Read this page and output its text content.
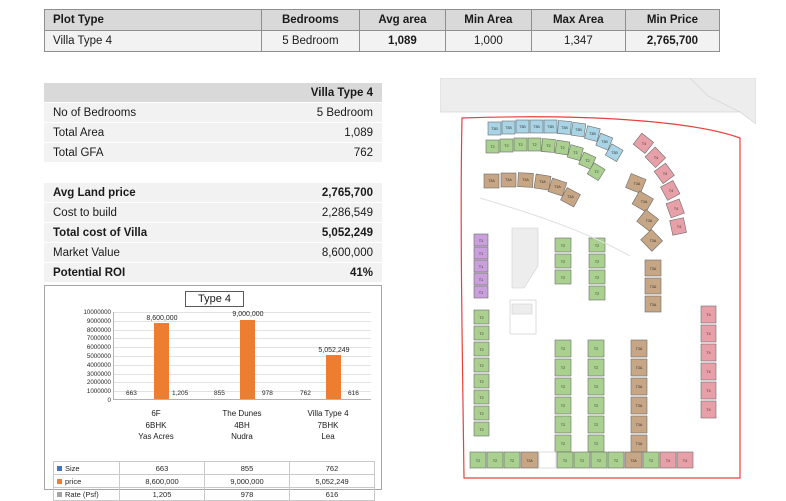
Plot Type	Bedrooms	Avg area	Min Area	Max Area	Min Price
Villa Type 4	5 Bedroom	1,089	1,000	1,347	2,765,700
	Villa Type 4
No of Bedrooms	5 Bedroom
Total Area	1,089
Total GFA	762

Avg Land price	2,765,700
Cost to build	2,286,549
Total cost of Villa	5,052,249
Market Value	8,600,000
Potential ROI	41%
Type 4
10000000
9000000
8000000
7000000
6000000
5000000
4000000
3000000
2000000
1000000
0
8,600,000
9,000,000
5,052,249
663	1,205	855	978	762	616
6F
6BHK
Yas Acres
The Dunes
4BH
Nudra
Villa Type 4
7BHK
Lea
Size	663	855	762
price	8,600,000	9,000,000	5,052,249
Rate (Psf)	1,205	978	616
T3B T3B T3B T3B T3B T3B T3B
T3B
T3B
T3B
T2	T2	T2	T2	T2	T2
T2
T2
T2
T3A	T3A	T3A	T3A
T3A
T3A
T4
T4
T4
T4
T4
T4
T4
T4
T4
T4
T4
T4
T3A
T3A
T3A
T3A
T3A
T3A
T3A
T3A
T3A
T3A
T3A
T3A
T3A
T1
T1
T1
T1
T1
T2
T2
T2
T2
T2
T2
T2
T2
T2
T2
T2
T2
T2
T2
T2
T2
T2
T2
T2
T2
T2
T2
T2
T2
T2
T2
T2
T2	T2	T2	T3A	T2	T2	T2	T2	T3A	T2	T4	T4
